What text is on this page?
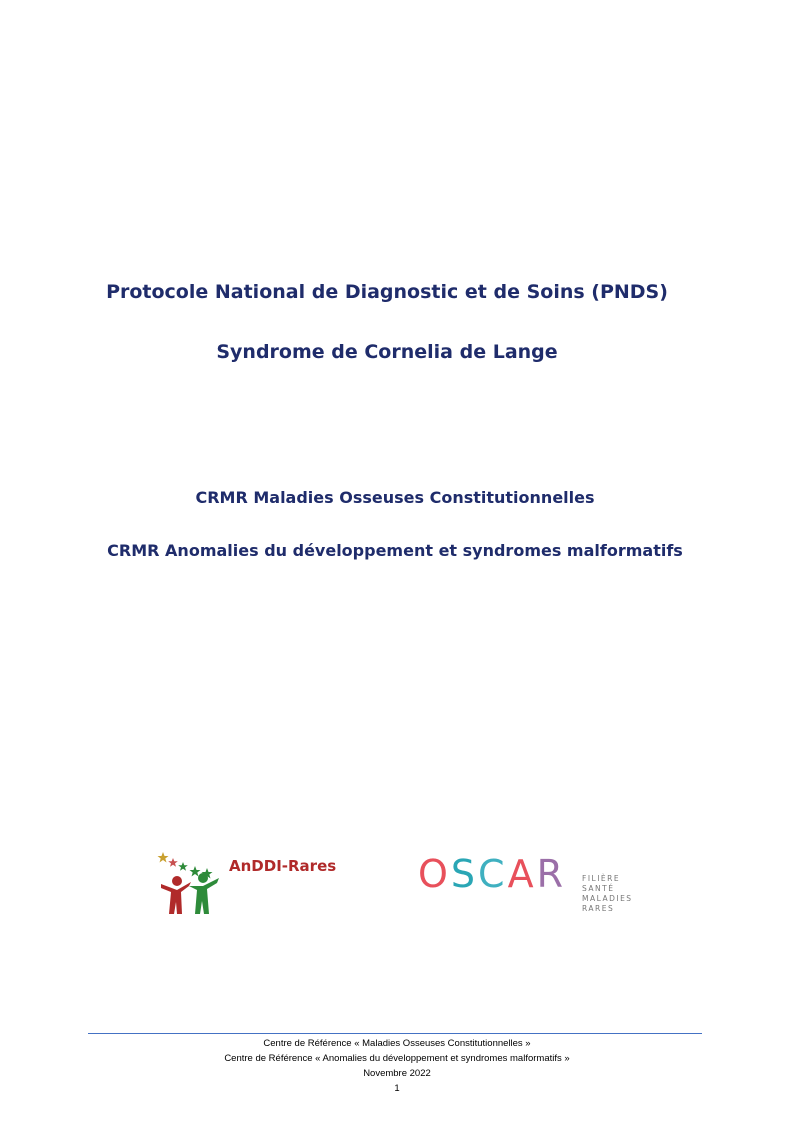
Protocole National de Diagnostic et de Soins (PNDS)
Syndrome de Cornelia de Lange
CRMR Maladies Osseuses Constitutionnelles
CRMR Anomalies du développement et syndromes malformatifs
AnDDI-Rares OSCAR FILIÈRE
SANTÉ
MALADIES
RARES
Centre de Référence « Maladies Osseuses Constitutionnelles »
Centre de Référence « Anomalies du développement et syndromes malformatifs »
Novembre 2022
1
